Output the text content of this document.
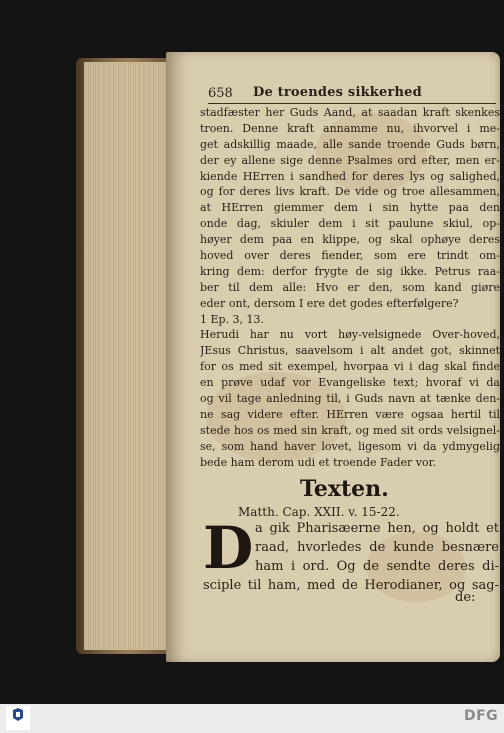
658 De troendes sikkerhed
stadfæster her Guds Aand, at saadan kraft skenkes
troen. Denne kraft annamme nu, ihvorvel i me-
get adskillig maade, alle sande troende Guds børn,
der ey allene sige denne Psalmes ord efter, men er-
kiende HErren i sandhed for deres lys og salighed,
og for deres livs kraft. De vide og troe allesammen,
at HErren giemmer dem i sin hytte paa den
onde dag, skiuler dem i sit paulune skiul, op-
høyer dem paa en klippe, og skal ophøye deres
hoved over deres fiender, som ere trindt om-
kring dem: derfor frygte de sig ikke. Petrus raa-
ber til dem alle: Hvo er den, som kand giøre
eder ont, dersom I ere det godes efterfølgere?
1 Ep. 3, 13.
Herudi har nu vort høy-velsignede Over-hoved,
JEsus Christus, saavelsom i alt andet got, skinnet
for os med sit exempel, hvorpaa vi i dag skal finde
en prøve udaf vor Evangeliske text; hvoraf vi da
og vil tage anledning til, i Guds navn at tænke den-
ne sag videre efter. HErren være ogsaa hertil til
stede hos os med sin kraft, og med sit ords velsignel-
se, som hand haver lovet, ligesom vi da ydmygelig
bede ham derom udi et troende Fader vor.
Texten.
Matth. Cap. XXII. v. 15-22.
D a gik Pharisæerne hen, og holdt et
raad, hvorledes de kunde besnære
ham i ord. Og de sendte deres di-
sciple til ham, med de Herodianer, og sag-
de:
DFG
